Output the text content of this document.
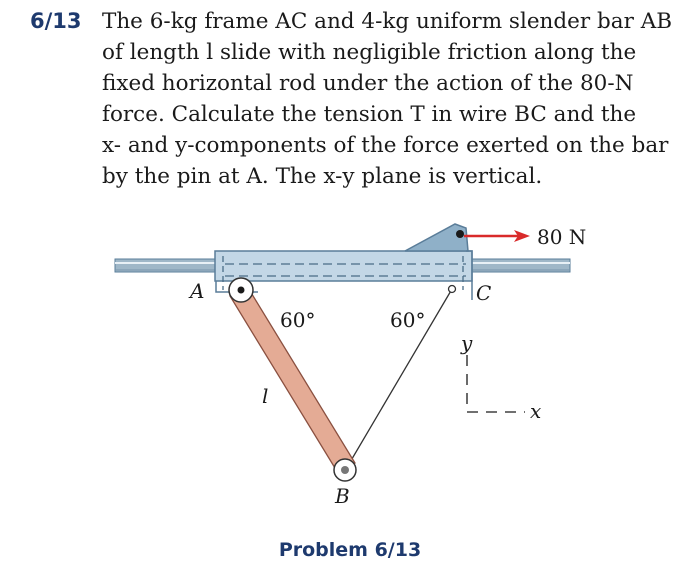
6/13 The 6-kg frame AC and 4-kg uniform slender bar AB
of length l slide with negligible friction along the
fixed horizontal rod under the action of the 80-N
force. Calculate the tension T in wire BC and the
x- and y-components of the force exerted on the bar
by the pin at A. The x-y plane is vertical.
80 N
A	C
B
60°	60°
l
y
x
Problem 6/13
